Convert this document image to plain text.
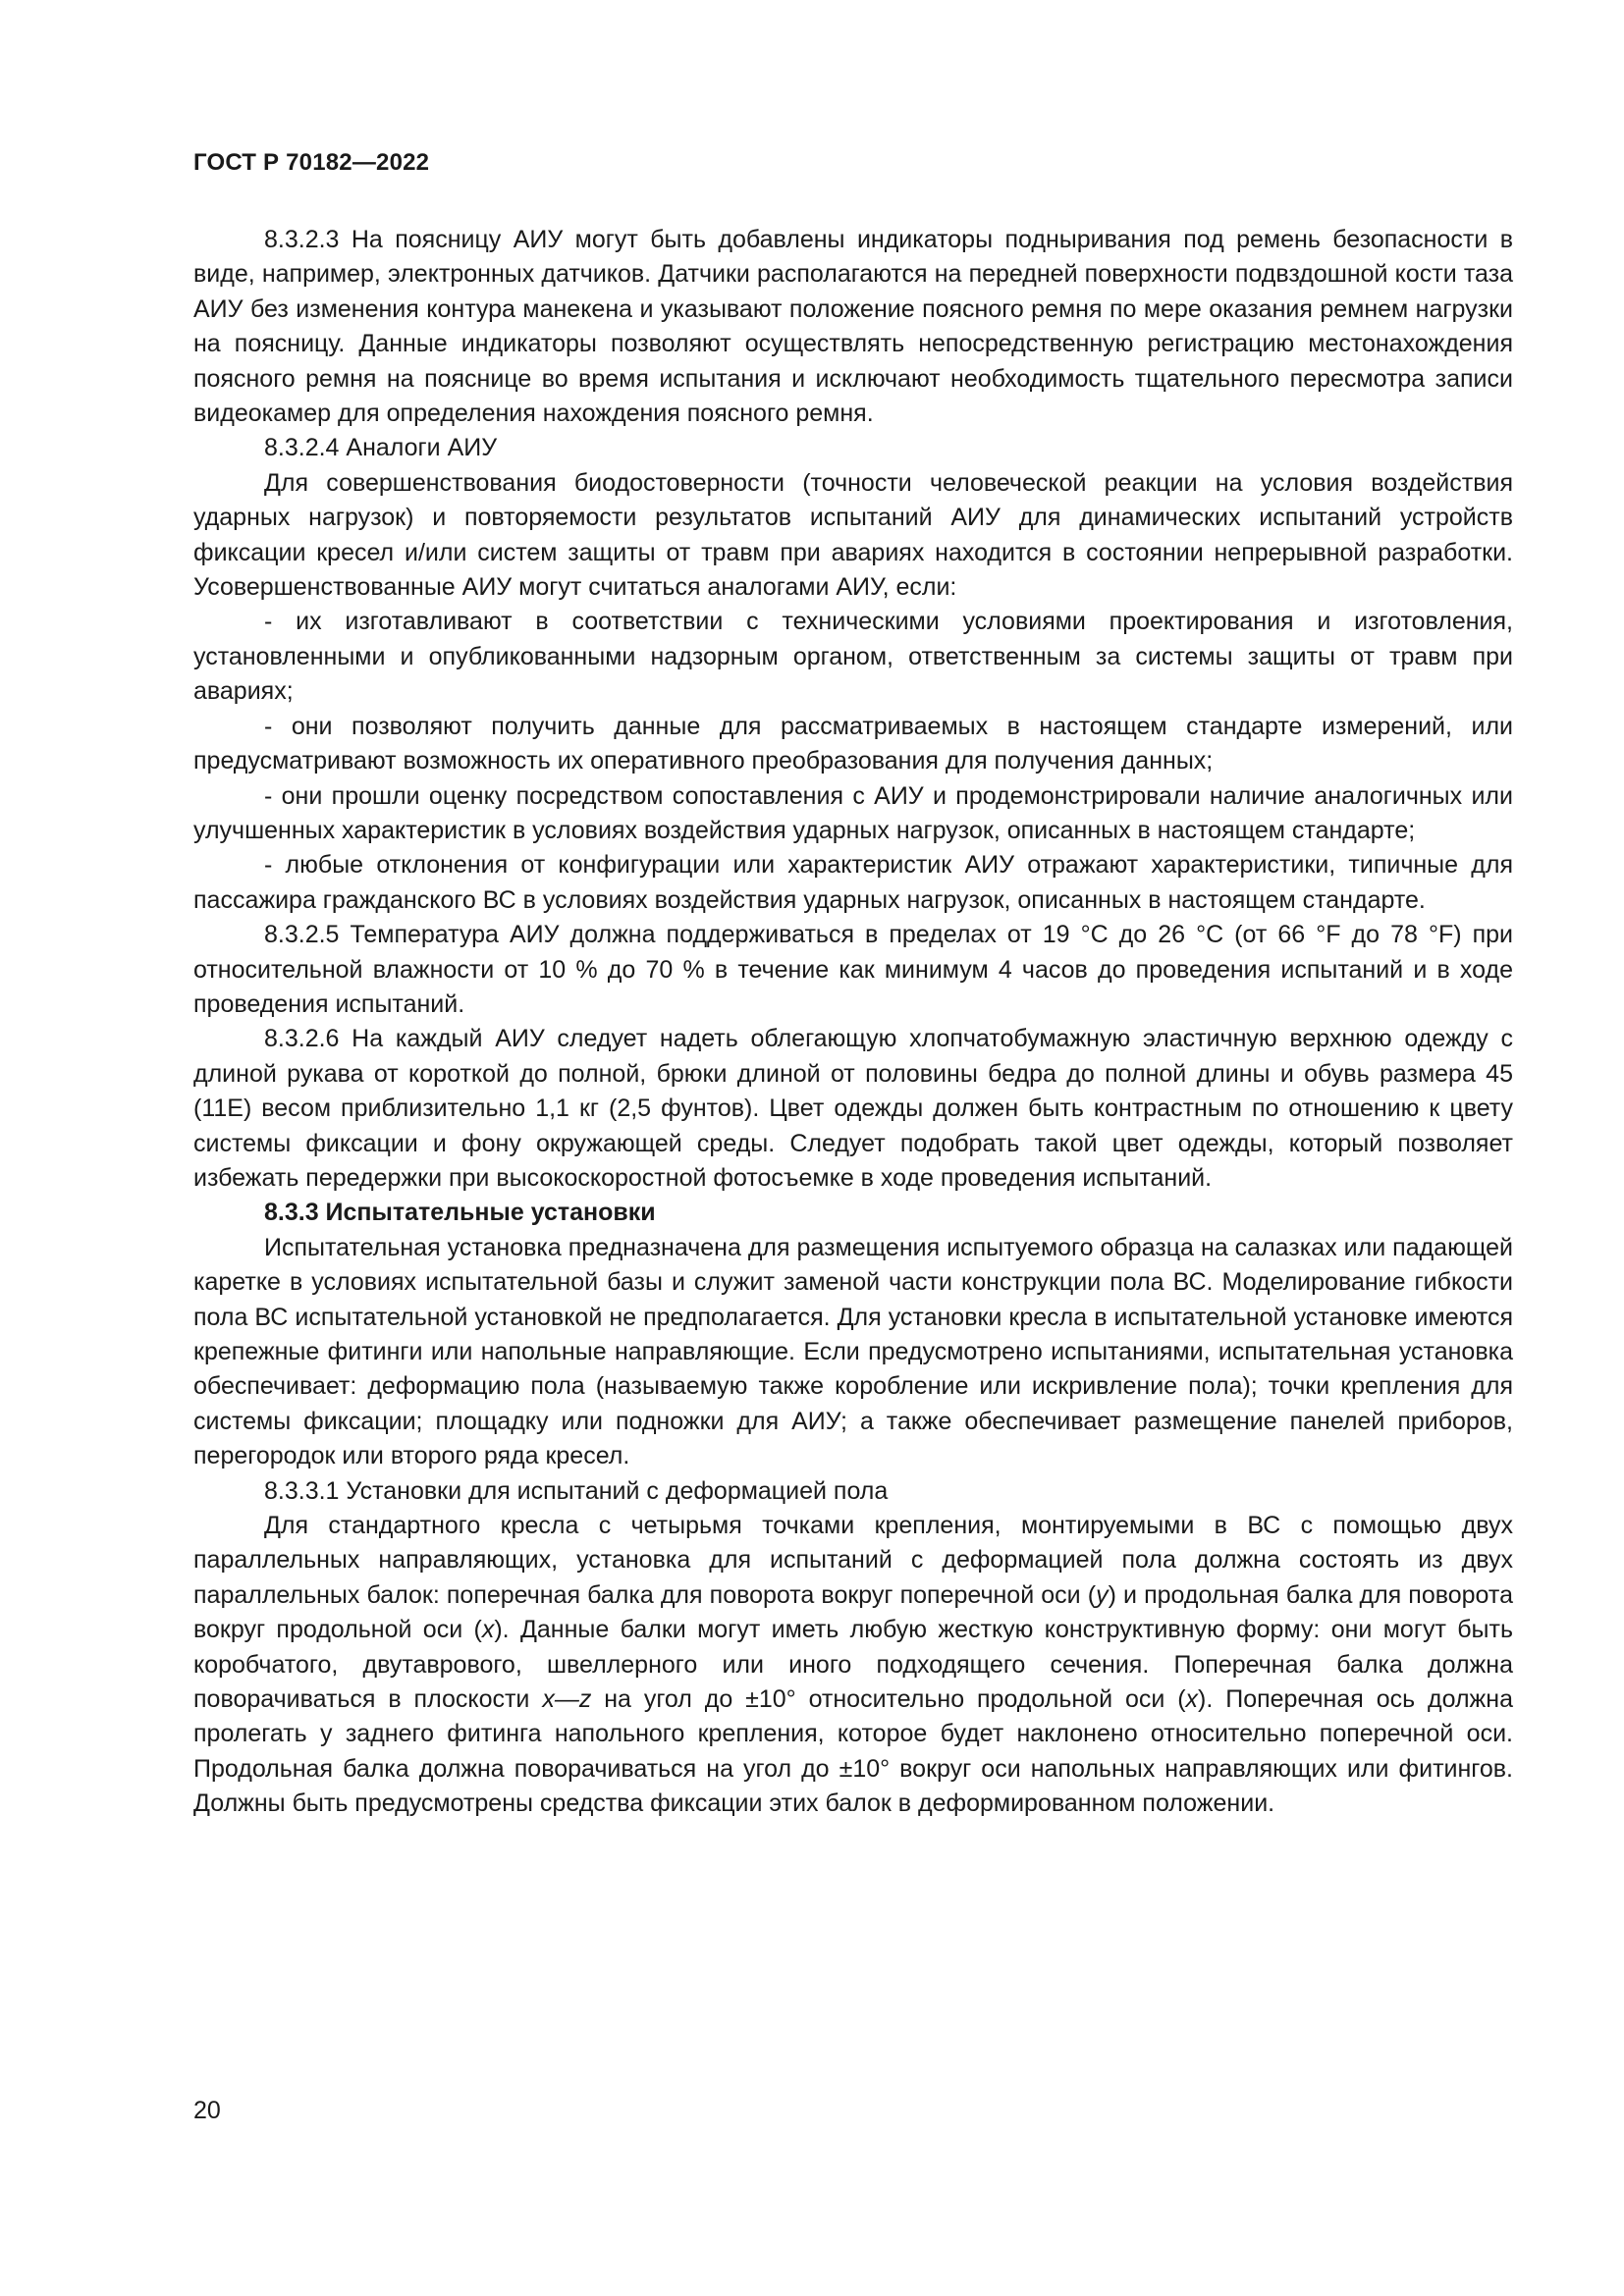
ГОСТ Р 70182—2022

8.3.2.3 На поясницу АИУ могут быть добавлены индикаторы подныривания под ремень безопасности в виде, например, электронных датчиков. Датчики располагаются на передней поверхности подвздошной кости таза АИУ без изменения контура манекена и указывают положение поясного ремня по мере оказания ремнем нагрузки на поясницу. Данные индикаторы позволяют осуществлять непосредственную регистрацию местонахождения поясного ремня на пояснице во время испытания и исключают необходимость тщательного пересмотра записи видеокамер для определения нахождения поясного ремня.

8.3.2.4 Аналоги АИУ

Для совершенствования биодостоверности (точности человеческой реакции на условия воздействия ударных нагрузок) и повторяемости результатов испытаний АИУ для динамических испытаний устройств фиксации кресел и/или систем защиты от травм при авариях находится в состоянии непрерывной разработки. Усовершенствованные АИУ могут считаться аналогами АИУ, если:

- их изготавливают в соответствии с техническими условиями проектирования и изготовления, установленными и опубликованными надзорным органом, ответственным за системы защиты от травм при авариях;

- они позволяют получить данные для рассматриваемых в настоящем стандарте измерений, или предусматривают возможность их оперативного преобразования для получения данных;

- они прошли оценку посредством сопоставления с АИУ и продемонстрировали наличие аналогичных или улучшенных характеристик в условиях воздействия ударных нагрузок, описанных в настоящем стандарте;

- любые отклонения от конфигурации или характеристик АИУ отражают характеристики, типичные для пассажира гражданского ВС в условиях воздействия ударных нагрузок, описанных в настоящем стандарте.

8.3.2.5 Температура АИУ должна поддерживаться в пределах от 19 °С до 26 °С (от 66 °F до 78 °F) при относительной влажности от 10 % до 70 % в течение как минимум 4 часов до проведения испытаний и в ходе проведения испытаний.

8.3.2.6 На каждый АИУ следует надеть облегающую хлопчатобумажную эластичную верхнюю одежду с длиной рукава от короткой до полной, брюки длиной от половины бедра до полной длины и обувь размера 45 (11Е) весом приблизительно 1,1 кг (2,5 фунтов). Цвет одежды должен быть контрастным по отношению к цвету системы фиксации и фону окружающей среды. Следует подобрать такой цвет одежды, который позволяет избежать передержки при высокоскоростной фотосъемке в ходе проведения испытаний.

8.3.3 Испытательные установки

Испытательная установка предназначена для размещения испытуемого образца на салазках или падающей каретке в условиях испытательной базы и служит заменой части конструкции пола ВС. Моделирование гибкости пола ВС испытательной установкой не предполагается. Для установки кресла в испытательной установке имеются крепежные фитинги или напольные направляющие. Если предусмотрено испытаниями, испытательная установка обеспечивает: деформацию пола (называемую также коробление или искривление пола); точки крепления для системы фиксации; площадку или подножки для АИУ; а также обеспечивает размещение панелей приборов, перегородок или второго ряда кресел.

8.3.3.1 Установки для испытаний с деформацией пола

Для стандартного кресла с четырьмя точками крепления, монтируемыми в ВС с помощью двух параллельных направляющих, установка для испытаний с деформацией пола должна состоять из двух параллельных балок: поперечная балка для поворота вокруг поперечной оси (y) и продольная балка для поворота вокруг продольной оси (x). Данные балки могут иметь любую жесткую конструктивную форму: они могут быть коробчатого, двутаврового, швеллерного или иного подходящего сечения. Поперечная балка должна поворачиваться в плоскости x—z на угол до ±10° относительно продольной оси (x). Поперечная ось должна пролегать у заднего фитинга напольного крепления, которое будет наклонено относительно поперечной оси. Продольная балка должна поворачиваться на угол до ±10° вокруг оси напольных направляющих или фитингов. Должны быть предусмотрены средства фиксации этих балок в деформированном положении.

20
